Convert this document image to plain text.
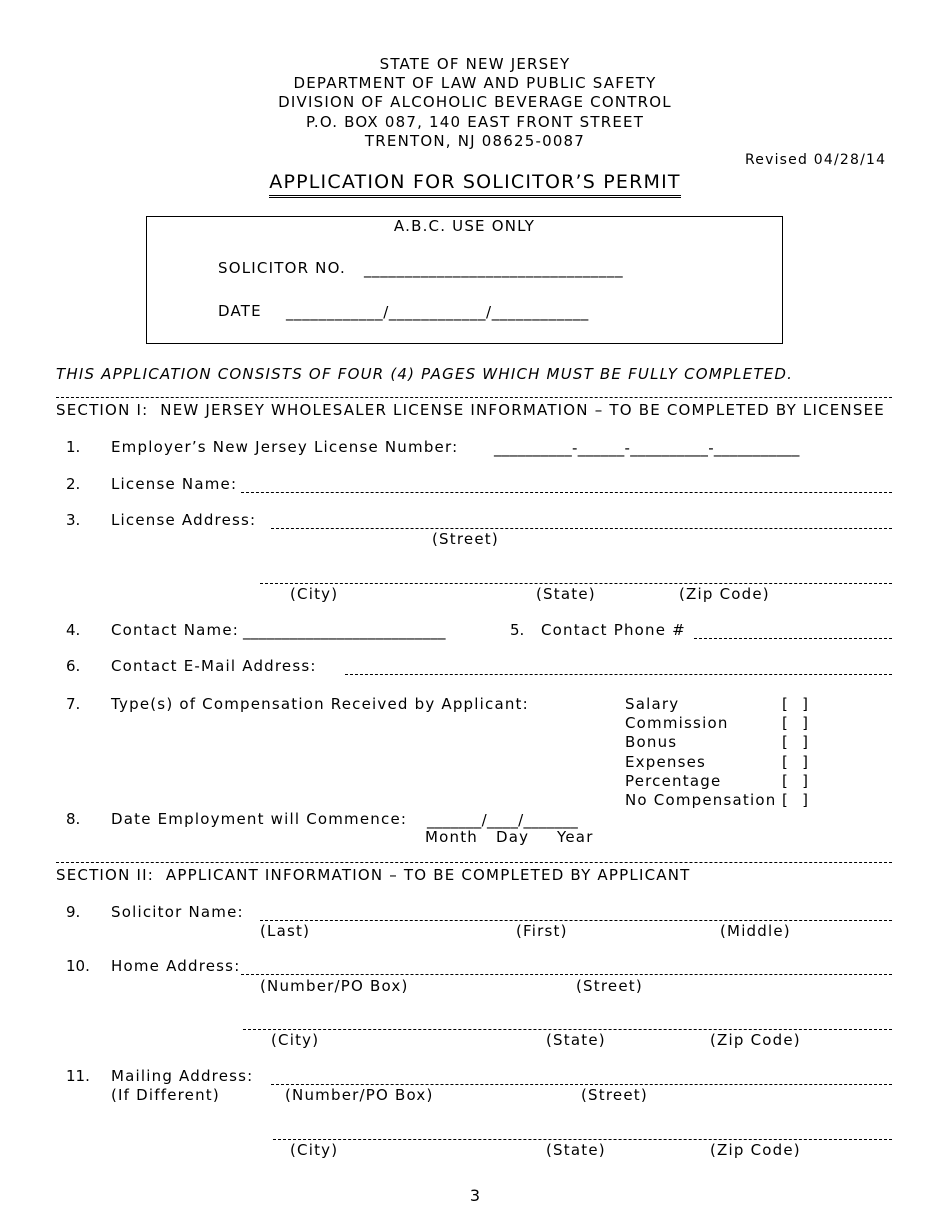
STATE OF NEW JERSEY
DEPARTMENT OF LAW AND PUBLIC SAFETY
DIVISION OF ALCOHOLIC BEVERAGE CONTROL
P.O. BOX 087, 140 EAST FRONT STREET
TRENTON, NJ 08625-0087
Revised 04/28/14
APPLICATION FOR SOLICITOR’S PERMIT
A.B.C. USE ONLY
SOLICITOR NO. ________________________________
DATE ____________/____________/____________
THIS APPLICATION CONSISTS OF FOUR (4) PAGES WHICH MUST BE FULLY COMPLETED.
SECTION I:  NEW JERSEY WHOLESALER LICENSE INFORMATION – TO BE COMPLETED BY LICENSEE
1. Employer’s New Jersey License Number: __________-______-__________-___________
2. License Name:
3. License Address:
(Street)
(City)	(State)	(Zip Code)
4. Contact Name: __________________________	5. Contact Phone #
6. Contact E-Mail Address:
7. Type(s) of Compensation Received by Applicant:	Salary	[   ]
Commission	[   ]
Bonus	[   ]
Expenses	[   ]
Percentage	[   ]
No Compensation [   ]
8. Date Employment will Commence: _______/____/_______
Month Day Year
SECTION II:  APPLICANT INFORMATION – TO BE COMPLETED BY APPLICANT
9. Solicitor Name:
(Last)	(First)	(Middle)
10. Home Address:
(Number/PO Box)	(Street)
(City)	(State)	(Zip Code)
11. Mailing Address:
(If Different)	(Number/PO Box)	(Street)
(City)	(State)	(Zip Code)
3
